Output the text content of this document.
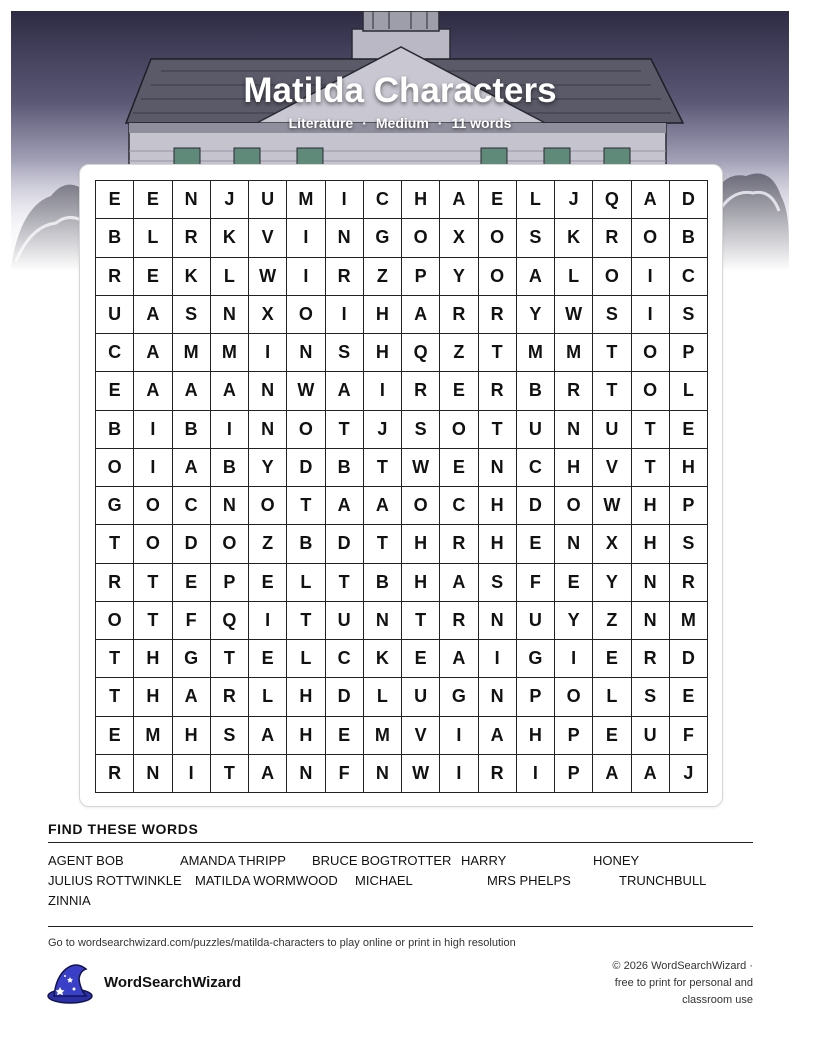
Matilda Characters
Literature · Medium · 11 words
E	E	N	J	U	M	I	C	H	A	E	L	J	Q	A	D
B	L	R	K	V	I	N	G	O	X	O	S	K	R	O	B
R	E	K	L	W	I	R	Z	P	Y	O	A	L	O	I	C
U	A	S	N	X	O	I	H	A	R	R	Y	W	S	I	S
C	A	M	M	I	N	S	H	Q	Z	T	M	M	T	O	P
E	A	A	A	N	W	A	I	R	E	R	B	R	T	O	L
B	I	B	I	N	O	T	J	S	O	T	U	N	U	T	E
O	I	A	B	Y	D	B	T	W	E	N	C	H	V	T	H
G	O	C	N	O	T	A	A	O	C	H	D	O	W	H	P
T	O	D	O	Z	B	D	T	H	R	H	E	N	X	H	S
R	T	E	P	E	L	T	B	H	A	S	F	E	Y	N	R
O	T	F	Q	I	T	U	N	T	R	N	U	Y	Z	N	M
T	H	G	T	E	L	C	K	E	A	I	G	I	E	R	D
T	H	A	R	L	H	D	L	U	G	N	P	O	L	S	E
E	M	H	S	A	H	E	M	V	I	A	H	P	E	U	F
R	N	I	T	A	N	F	N	W	I	R	I	P	A	A	J
FIND THESE WORDS
AGENT BOB	AMANDA THRIPP BRUCE BOGTROTTER HARRY	HONEY
JULIUS ROTTWINKLE MATILDA WORMWOOD MICHAEL	MRS PHELPS	TRUNCHBULL
ZINNIA
Go to wordsearchwizard.com/puzzles/matilda-characters to play online or print in high resolution
WordSearchWizard
© 2026 WordSearchWizard ·
free to print for personal and
classroom use
